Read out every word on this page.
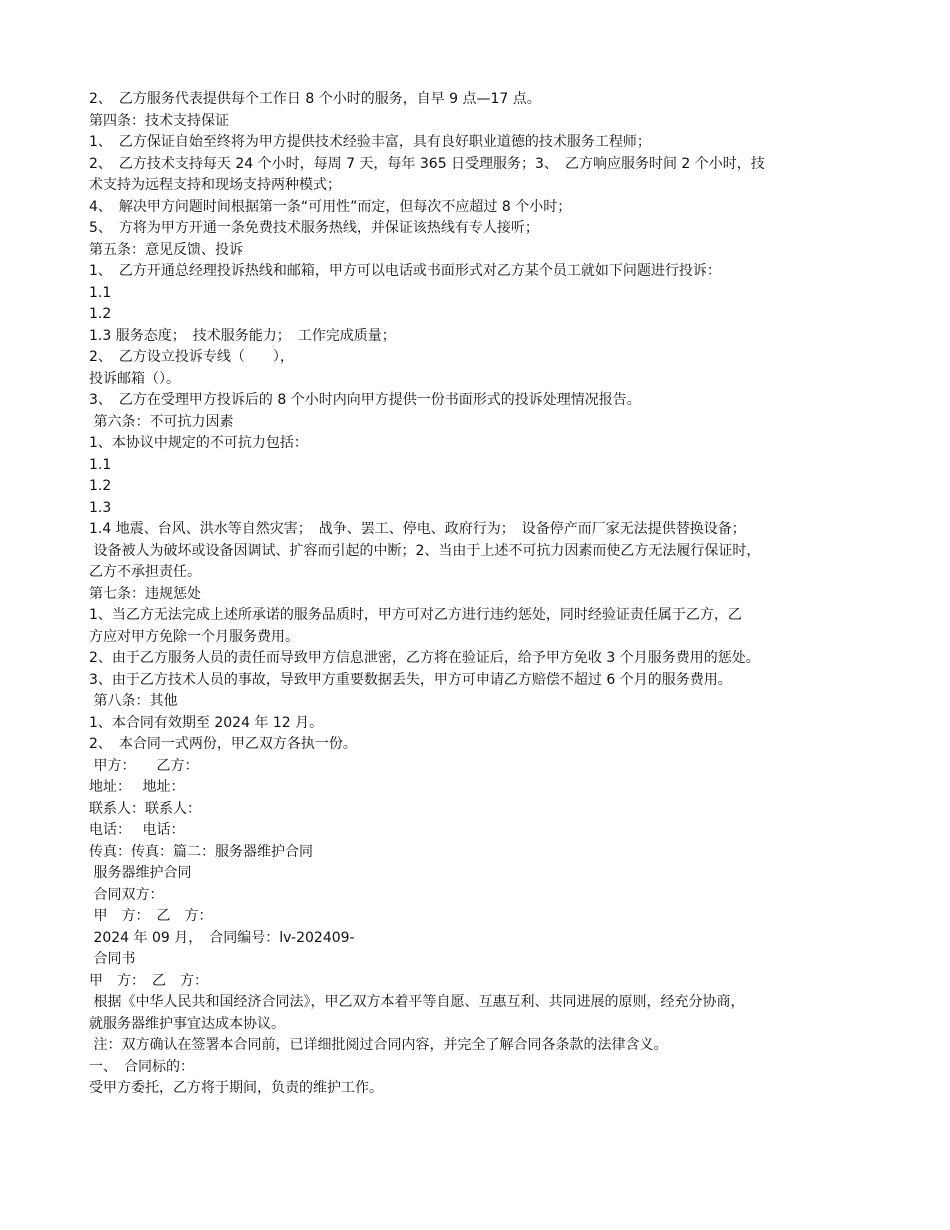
2、　乙方服务代表提供每个工作日 8 个小时的服务，自早 9 点—17 点。
第四条：技术支持保证
1、　乙方保证自始至终将为甲方提供技术经验丰富，具有良好职业道德的技术服务工程师；
2、　乙方技术支持每天 24 个小时，每周 7 天，每年 365 日受理服务；3、　乙方响应服务时间 2 个小时，技
术支持为远程支持和现场支持两种模式；
4、　解决甲方问题时间根据第一条“可用性”而定，但每次不应超过 8 个小时；
5、　方将为甲方开通一条免费技术服务热线，并保证该热线有专人接听；
第五条：意见反馈、投诉
1、　乙方开通总经理投诉热线和邮箱，甲方可以电话或书面形式对乙方某个员工就如下问题进行投诉：
1.1
1.2
1.3 服务态度；　技术服务能力；　工作完成质量；
2、　乙方设立投诉专线（　　），
投诉邮箱（）。
3、　乙方在受理甲方投诉后的 8 个小时内向甲方提供一份书面形式的投诉处理情况报告。
第六条：不可抗力因素
1、本协议中规定的不可抗力包括：
1.1
1.2
1.3
1.4 地震、台风、洪水等自然灾害；　战争、罢工、停电、政府行为；　设备停产而厂家无法提供替换设备；
设备被人为破坏或设备因调试、扩容而引起的中断；2、当由于上述不可抗力因素而使乙方无法履行保证时，
乙方不承担责任。
第七条：违规惩处
1、当乙方无法完成上述所承诺的服务品质时，甲方可对乙方进行违约惩处，同时经验证责任属于乙方，乙
方应对甲方免除一个月服务费用。
2、由于乙方服务人员的责任而导致甲方信息泄密，乙方将在验证后，给予甲方免收 3 个月服务费用的惩处。
3、由于乙方技术人员的事故，导致甲方重要数据丢失，甲方可申请乙方赔偿不超过 6 个月的服务费用。
第八条：其他
1、本合同有效期至 2024 年 12 月。
2、　本合同一式两份，甲乙双方各执一份。
甲方：　　乙方：
地址：　 地址：
联系人：联系人：
电话：　 电话：
传真：传真：篇二：服务器维护合同
服务器维护合同
合同双方：
甲　方：　乙　方：
2024 年 09 月，　合同编号：lv-202409-
合同书
甲　方：　乙　方：
根据《中华人民共和国经济合同法》，甲乙双方本着平等自愿、互惠互利、共同进展的原则，经充分协商，
就服务器维护事宜达成本协议。
注：双方确认在签署本合同前，已详细批阅过合同内容，并完全了解合同各条款的法律含义。
一、　合同标的：
受甲方委托，乙方将于期间，负责的维护工作。
